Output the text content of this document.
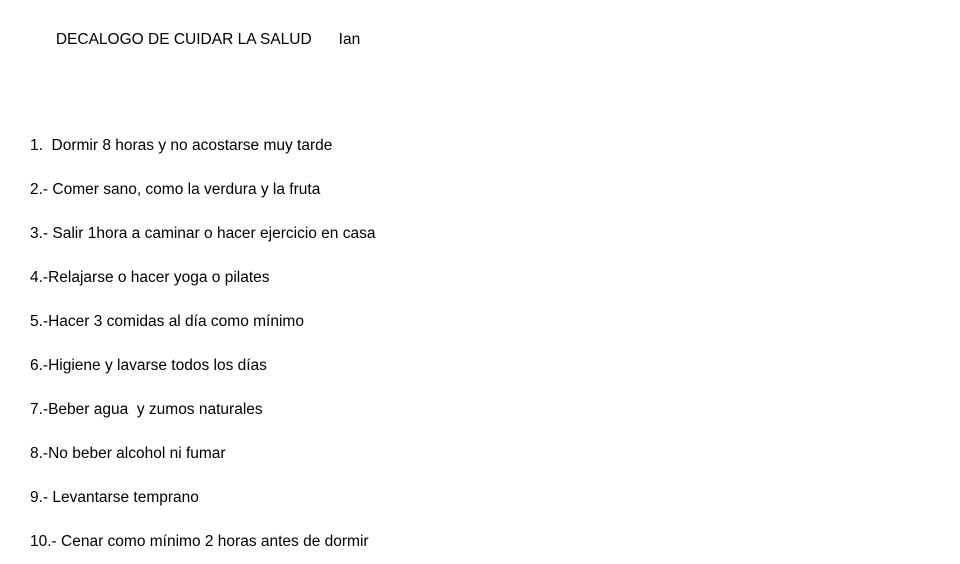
DECALOGO DE CUIDAR LA SALUD Ian

1.  Dormir 8 horas y no acostarse muy tarde
2.- Comer sano, como la verdura y la fruta
3.- Salir 1hora a caminar o hacer ejercicio en casa
4.-Relajarse o hacer yoga o pilates
5.-Hacer 3 comidas al día como mínimo
6.-Higiene y lavarse todos los días
7.-Beber agua  y zumos naturales
8.-No beber alcohol ni fumar
9.- Levantarse temprano
10.- Cenar como mínimo 2 horas antes de dormir
